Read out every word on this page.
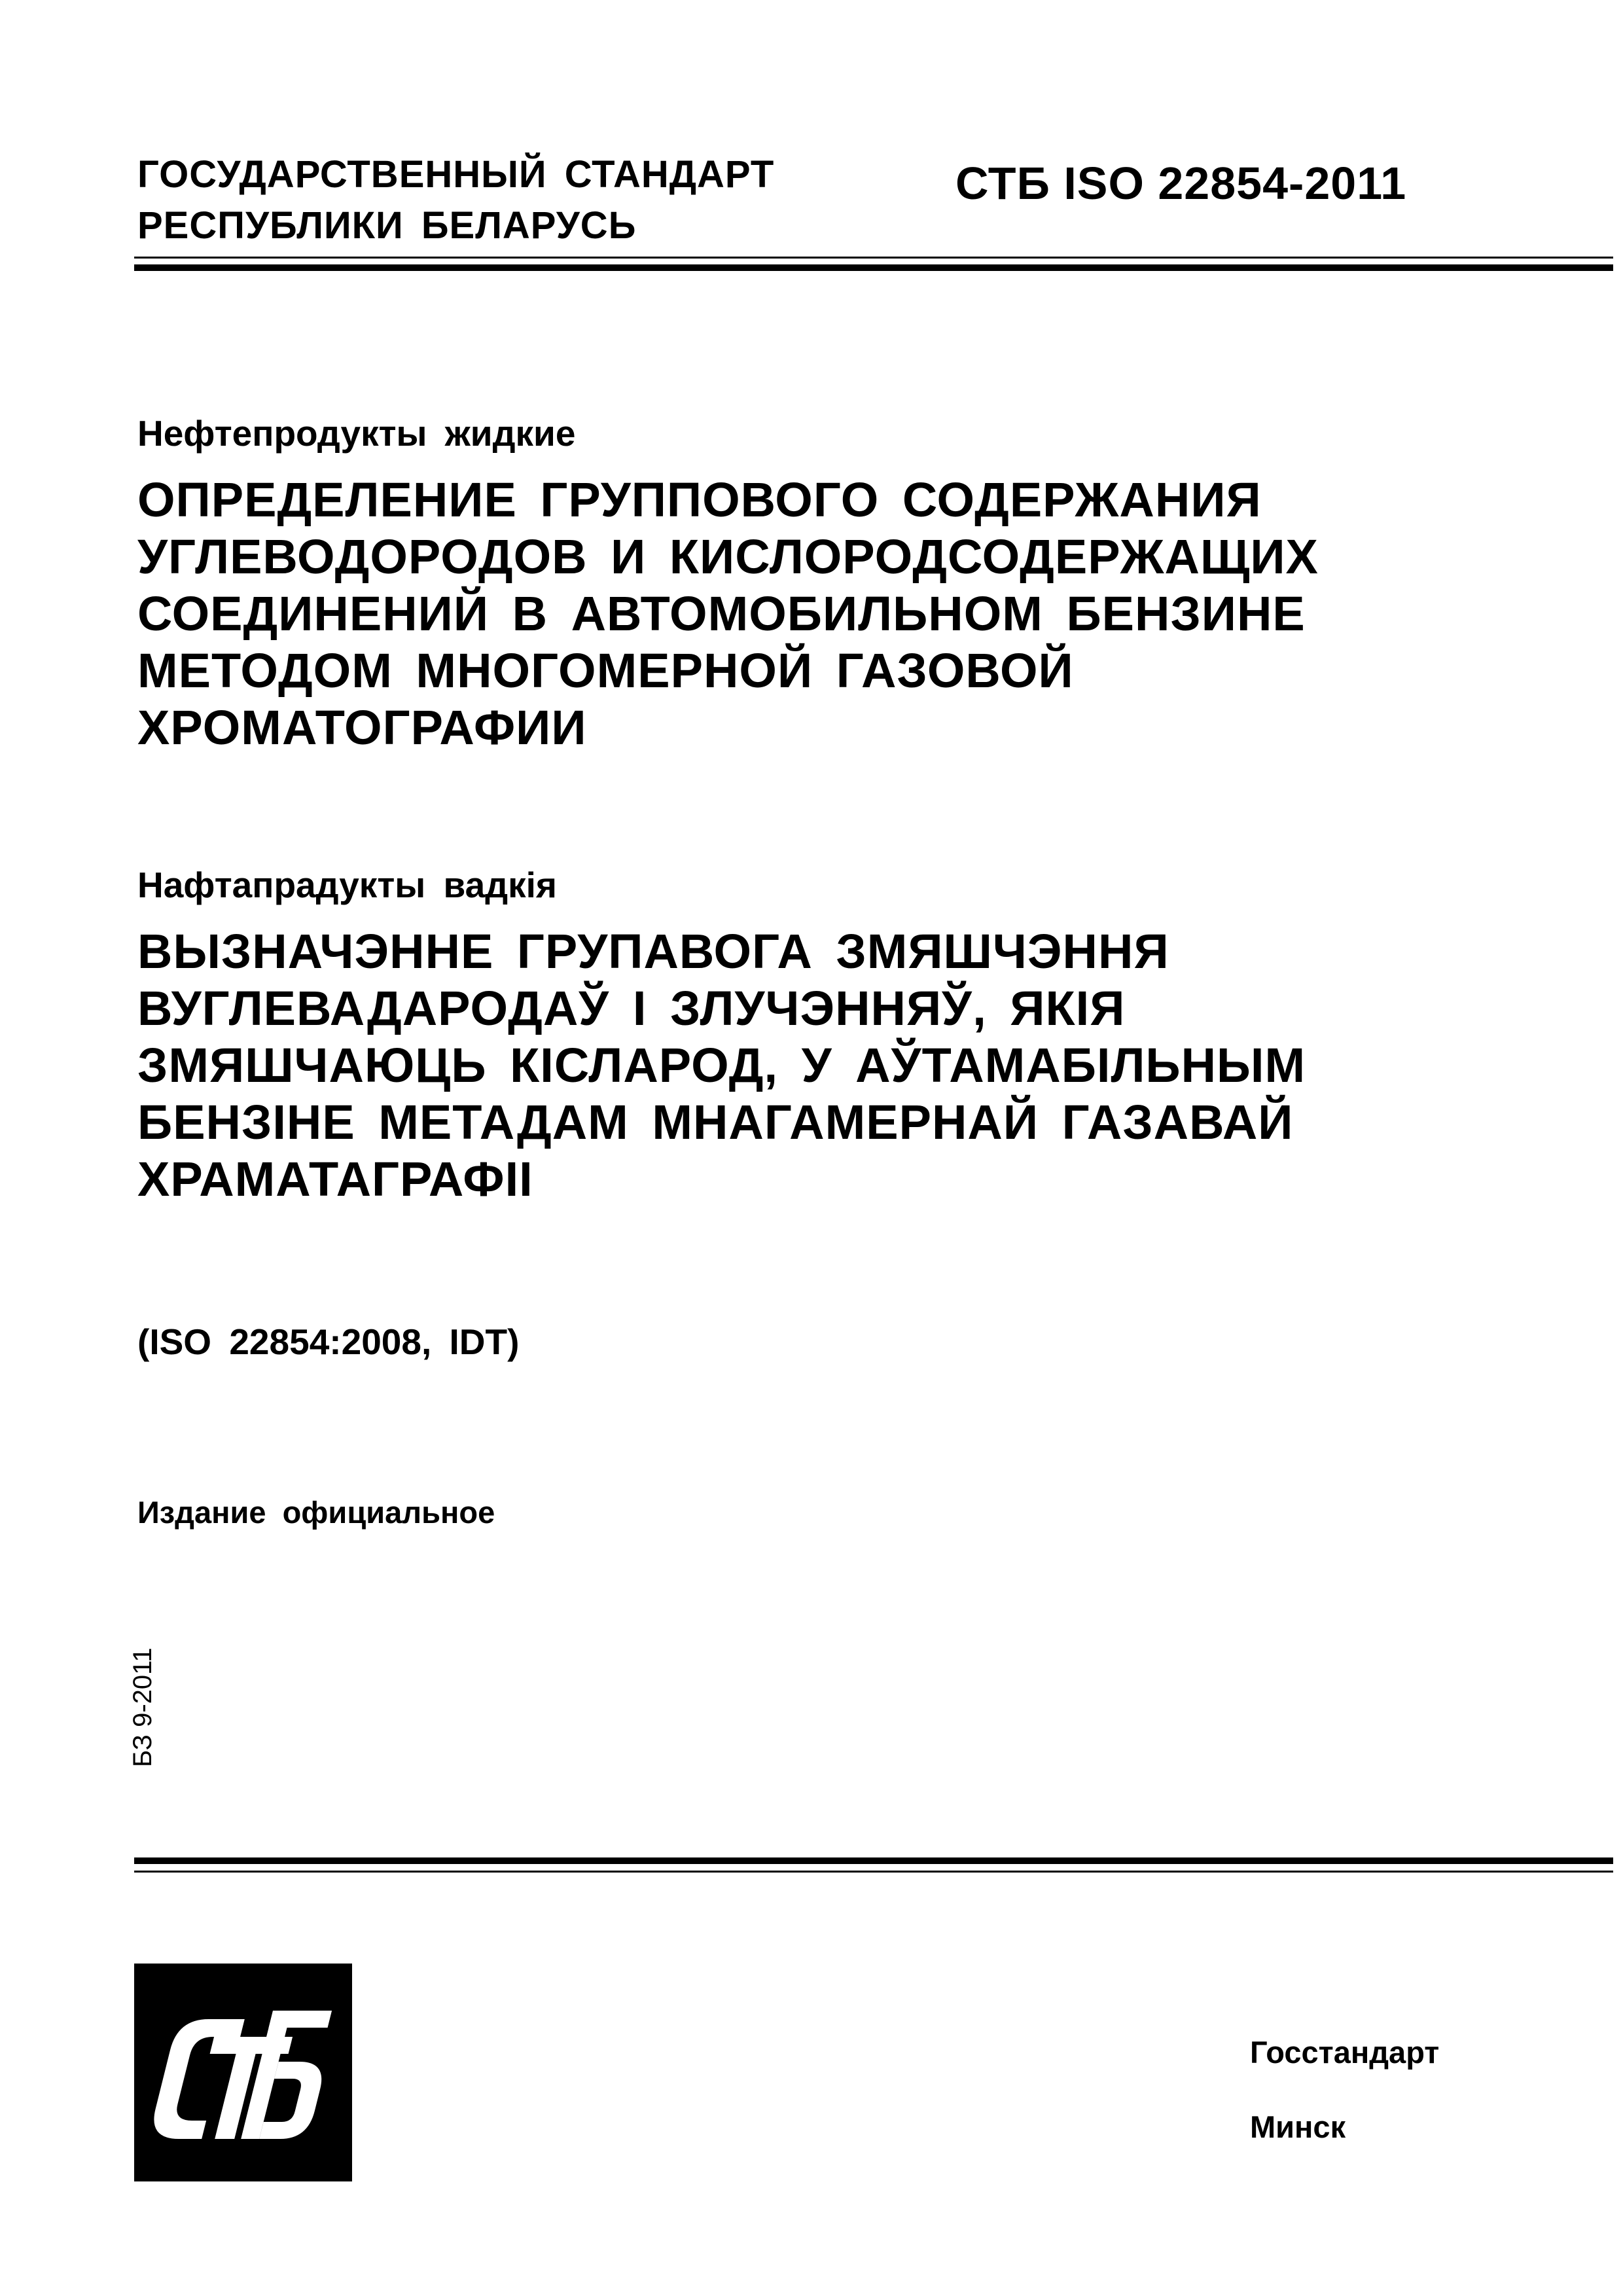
ГОСУДАРСТВЕННЫЙ СТАНДАРТ
РЕСПУБЛИКИ БЕЛАРУСЬ
СТБ ISO 22854-2011
Нефтепродукты жидкие
ОПРЕДЕЛЕНИЕ ГРУППОВОГО СОДЕРЖАНИЯ
УГЛЕВОДОРОДОВ И КИСЛОРОДСОДЕРЖАЩИХ
СОЕДИНЕНИЙ В АВТОМОБИЛЬНОМ БЕНЗИНЕ
МЕТОДОМ МНОГОМЕРНОЙ ГАЗОВОЙ
ХРОМАТОГРАФИИ
Нафтапрадукты вадкія
ВЫЗНАЧЭННЕ ГРУПАВОГА ЗМЯШЧЭННЯ
ВУГЛЕВАДАРОДАЎ І ЗЛУЧЭННЯЎ, ЯКІЯ
ЗМЯШЧАЮЦЬ КІСЛАРОД, У АЎТАМАБІЛЬНЫМ
БЕНЗІНЕ МЕТАДАМ МНАГАМЕРНАЙ ГАЗАВАЙ
ХРАМАТАГРАФІІ
(ISO 22854:2008, IDT)
Издание официальное
БЗ 9-2011
Госстандарт
Минск
